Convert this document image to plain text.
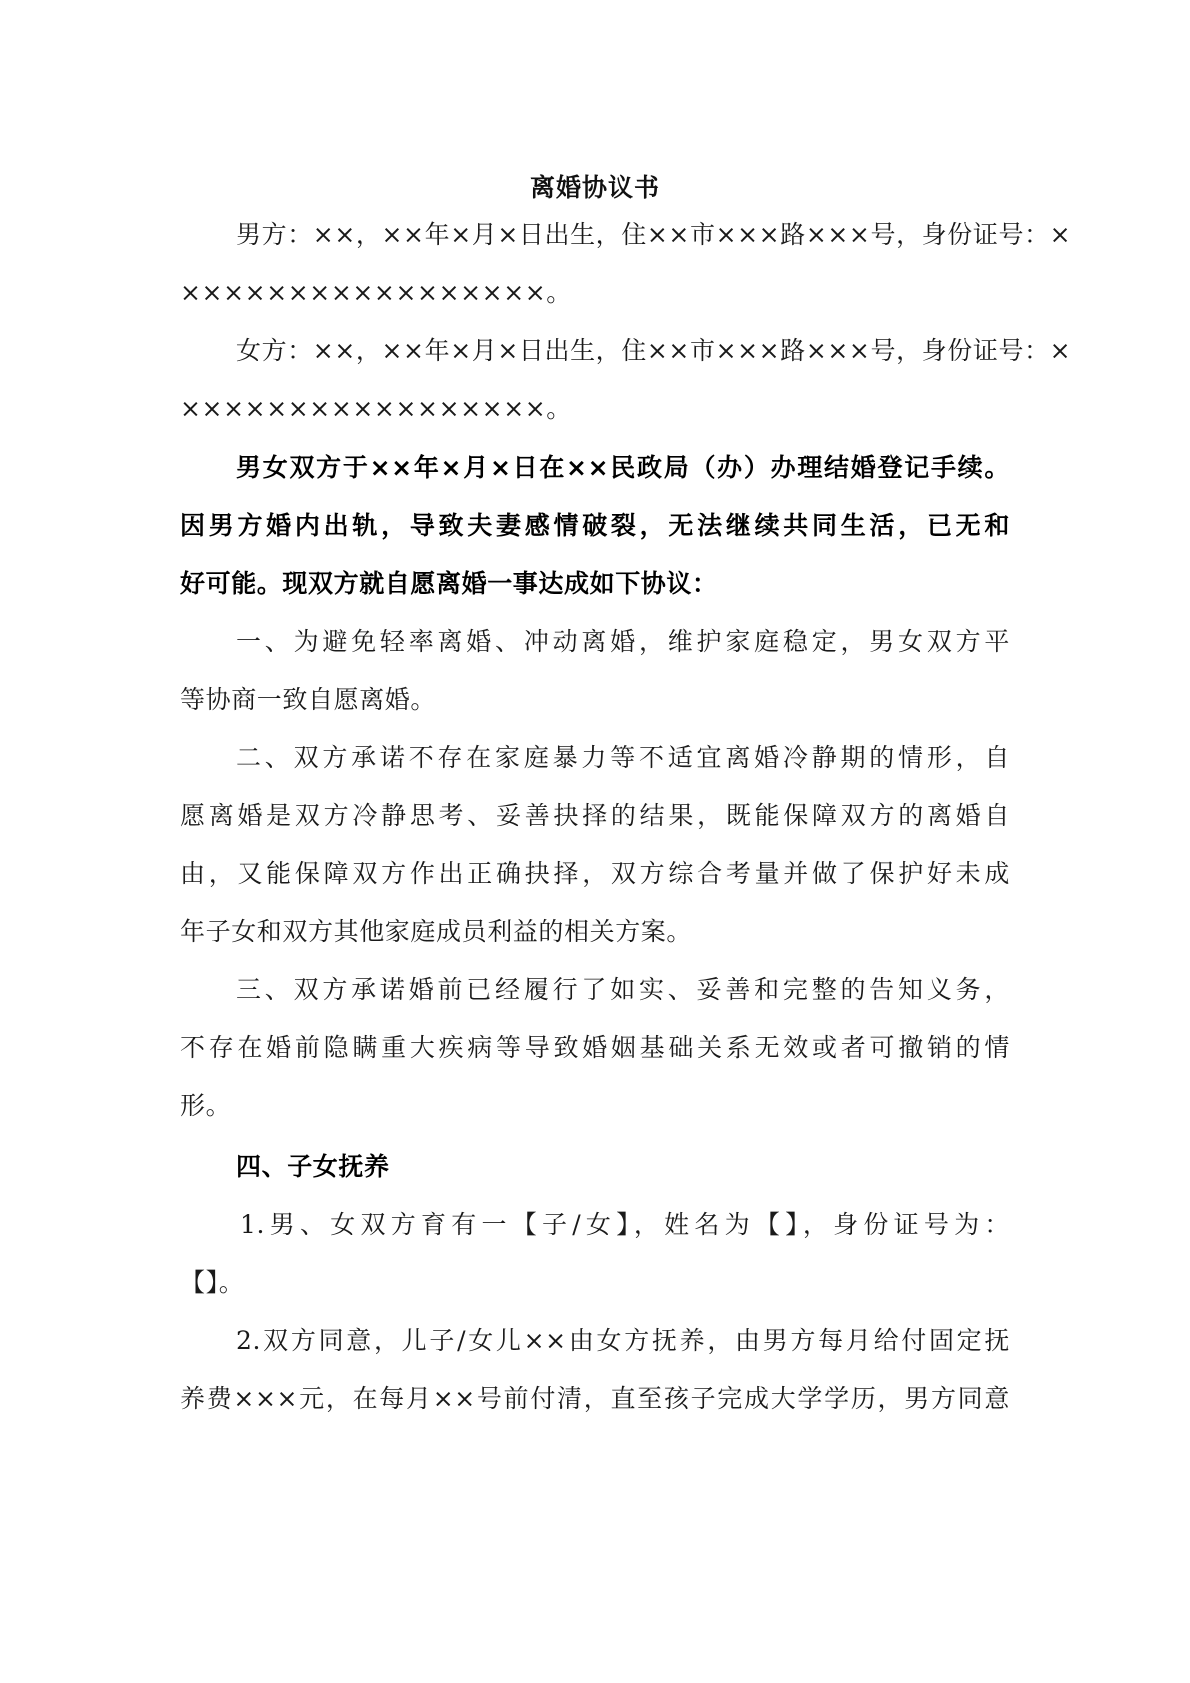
离婚协议书
男方：××，××年×月×日出生，住××市×××路×××号，身份证号：×
×××××××××××××××××。
女方：××，××年×月×日出生，住××市×××路×××号，身份证号：×
×××××××××××××××××。
男女双方于××年×月×日在××民政局（办）办理结婚登记手续。
因男方婚内出轨，导致夫妻感情破裂，无法继续共同生活，已无和
好可能。现双方就自愿离婚一事达成如下协议：
一、为避免轻率离婚、冲动离婚，维护家庭稳定，男女双方平
等协商一致自愿离婚。
二、双方承诺不存在家庭暴力等不适宜离婚冷静期的情形，自
愿离婚是双方冷静思考、妥善抉择的结果，既能保障双方的离婚自
由，又能保障双方作出正确抉择，双方综合考量并做了保护好未成
年子女和双方其他家庭成员利益的相关方案。
三、双方承诺婚前已经履行了如实、妥善和完整的告知义务，
不存在婚前隐瞒重大疾病等导致婚姻基础关系无效或者可撤销的情
形。
四、子女抚养
1.男、女双方育有一【子/女】，姓名为【】，身份证号为：
【】。
2.双方同意，儿子/女儿××由女方抚养，由男方每月给付固定抚
养费×××元，在每月××号前付清，直至孩子完成大学学历，男方同意
